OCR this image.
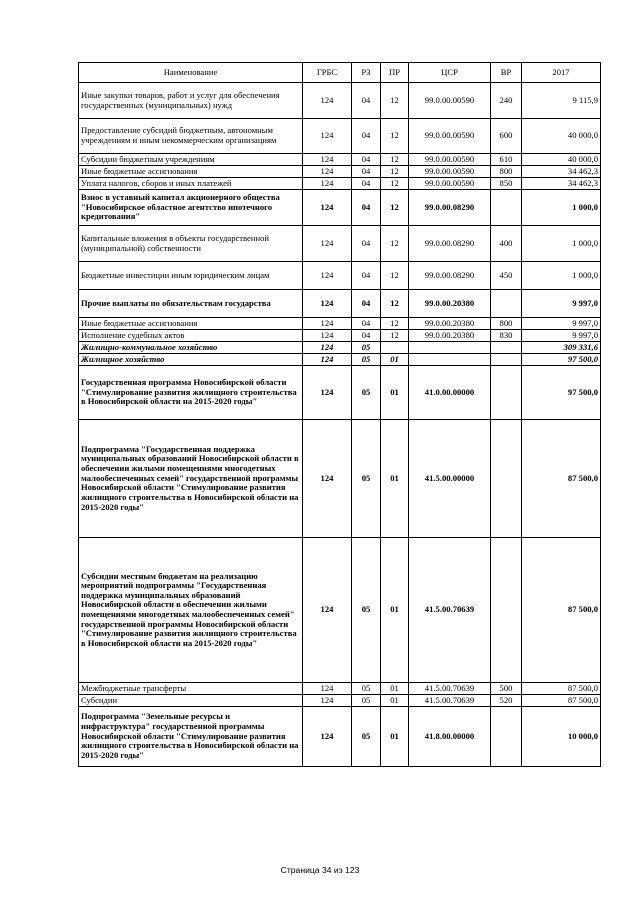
Наименование	ГРБС	РЗ	ПР	ЦСР	ВР	2017
Иные закупки товаров, работ и услуг для обеспечения государственных (муниципальных) нужд	124	04	12	99.0.00.00590	240	9 115,9
Предоставление субсидий бюджетным, автономным учреждениям и иным некоммерческим организациям	124	04	12	99.0.00.00590	600	40 000,0
Субсидии бюджетным учреждениям	124	04	12	99.0.00.00590	610	40 000,0
Иные бюджетные ассигнования	124	04	12	99.0.00.00590	800	34 462,3
Уплата налогов, сборов и иных платежей	124	04	12	99.0.00.00590	850	34 462,3
Взнос в уставный капитал акционерного общества "Новосибирское областное агентство ипотечного кредитования"	124	04	12	99.0.00.08290		1 000,0
Капитальные вложения в объекты государственной (муниципальной) собственности	124	04	12	99.0.00.08290	400	1 000,0
Бюджетные инвестиции иным юридическим лицам	124	04	12	99.0.00.08290	450	1 000,0
Прочие выплаты по обязательствам государства	124	04	12	99.0.00.20380		9 997,0
Иные бюджетные ассигнования	124	04	12	99.0.00.20380	800	9 997,0
Исполнение судебных актов	124	04	12	99.0.00.20380	830	9 997,0
Жилищно-коммунальное хозяйство	124	05				309 331,6
Жилищное хозяйство	124	05	01			97 500,0
Государственная программа Новосибирской области "Стимулирование развития жилищного строительства в Новосибирской области на 2015-2020 годы"	124	05	01	41.0.00.00000		97 500,0
Подпрограмма "Государственная поддержка муниципальных образований Новосибирской области в обеспечении жилыми помещениями многодетных малообеспеченных семей" государственной программы Новосибирской области "Стимулирование развития жилищного строительства в Новосибирской области на 2015-2020 годы"	124	05	01	41.5.00.00000		87 500,0
Субсидии местным бюджетам на реализацию мероприятий подпрограммы "Государственная поддержка муниципальных образований Новосибирской области в обеспечении жилыми помещениями многодетных малообеспеченных семей" государственной программы Новосибирской области "Стимулирование развития жилищного строительства в Новосибирской области на 2015-2020 годы"	124	05	01	41.5.00.70639		87 500,0
Межбюджетные трансферты	124	05	01	41.5.00.70639	500	87 500,0
Субсидии	124	05	01	41.5.00.70639	520	87 500,0
Подпрограмма "Земельные ресурсы и инфраструктура" государственной программы Новосибирской области "Стимулирование развития жилищного строительства в Новосибирской области на 2015-2020 годы"	124	05	01	41.8.00.00000		10 000,0
Страница 34 из 123
